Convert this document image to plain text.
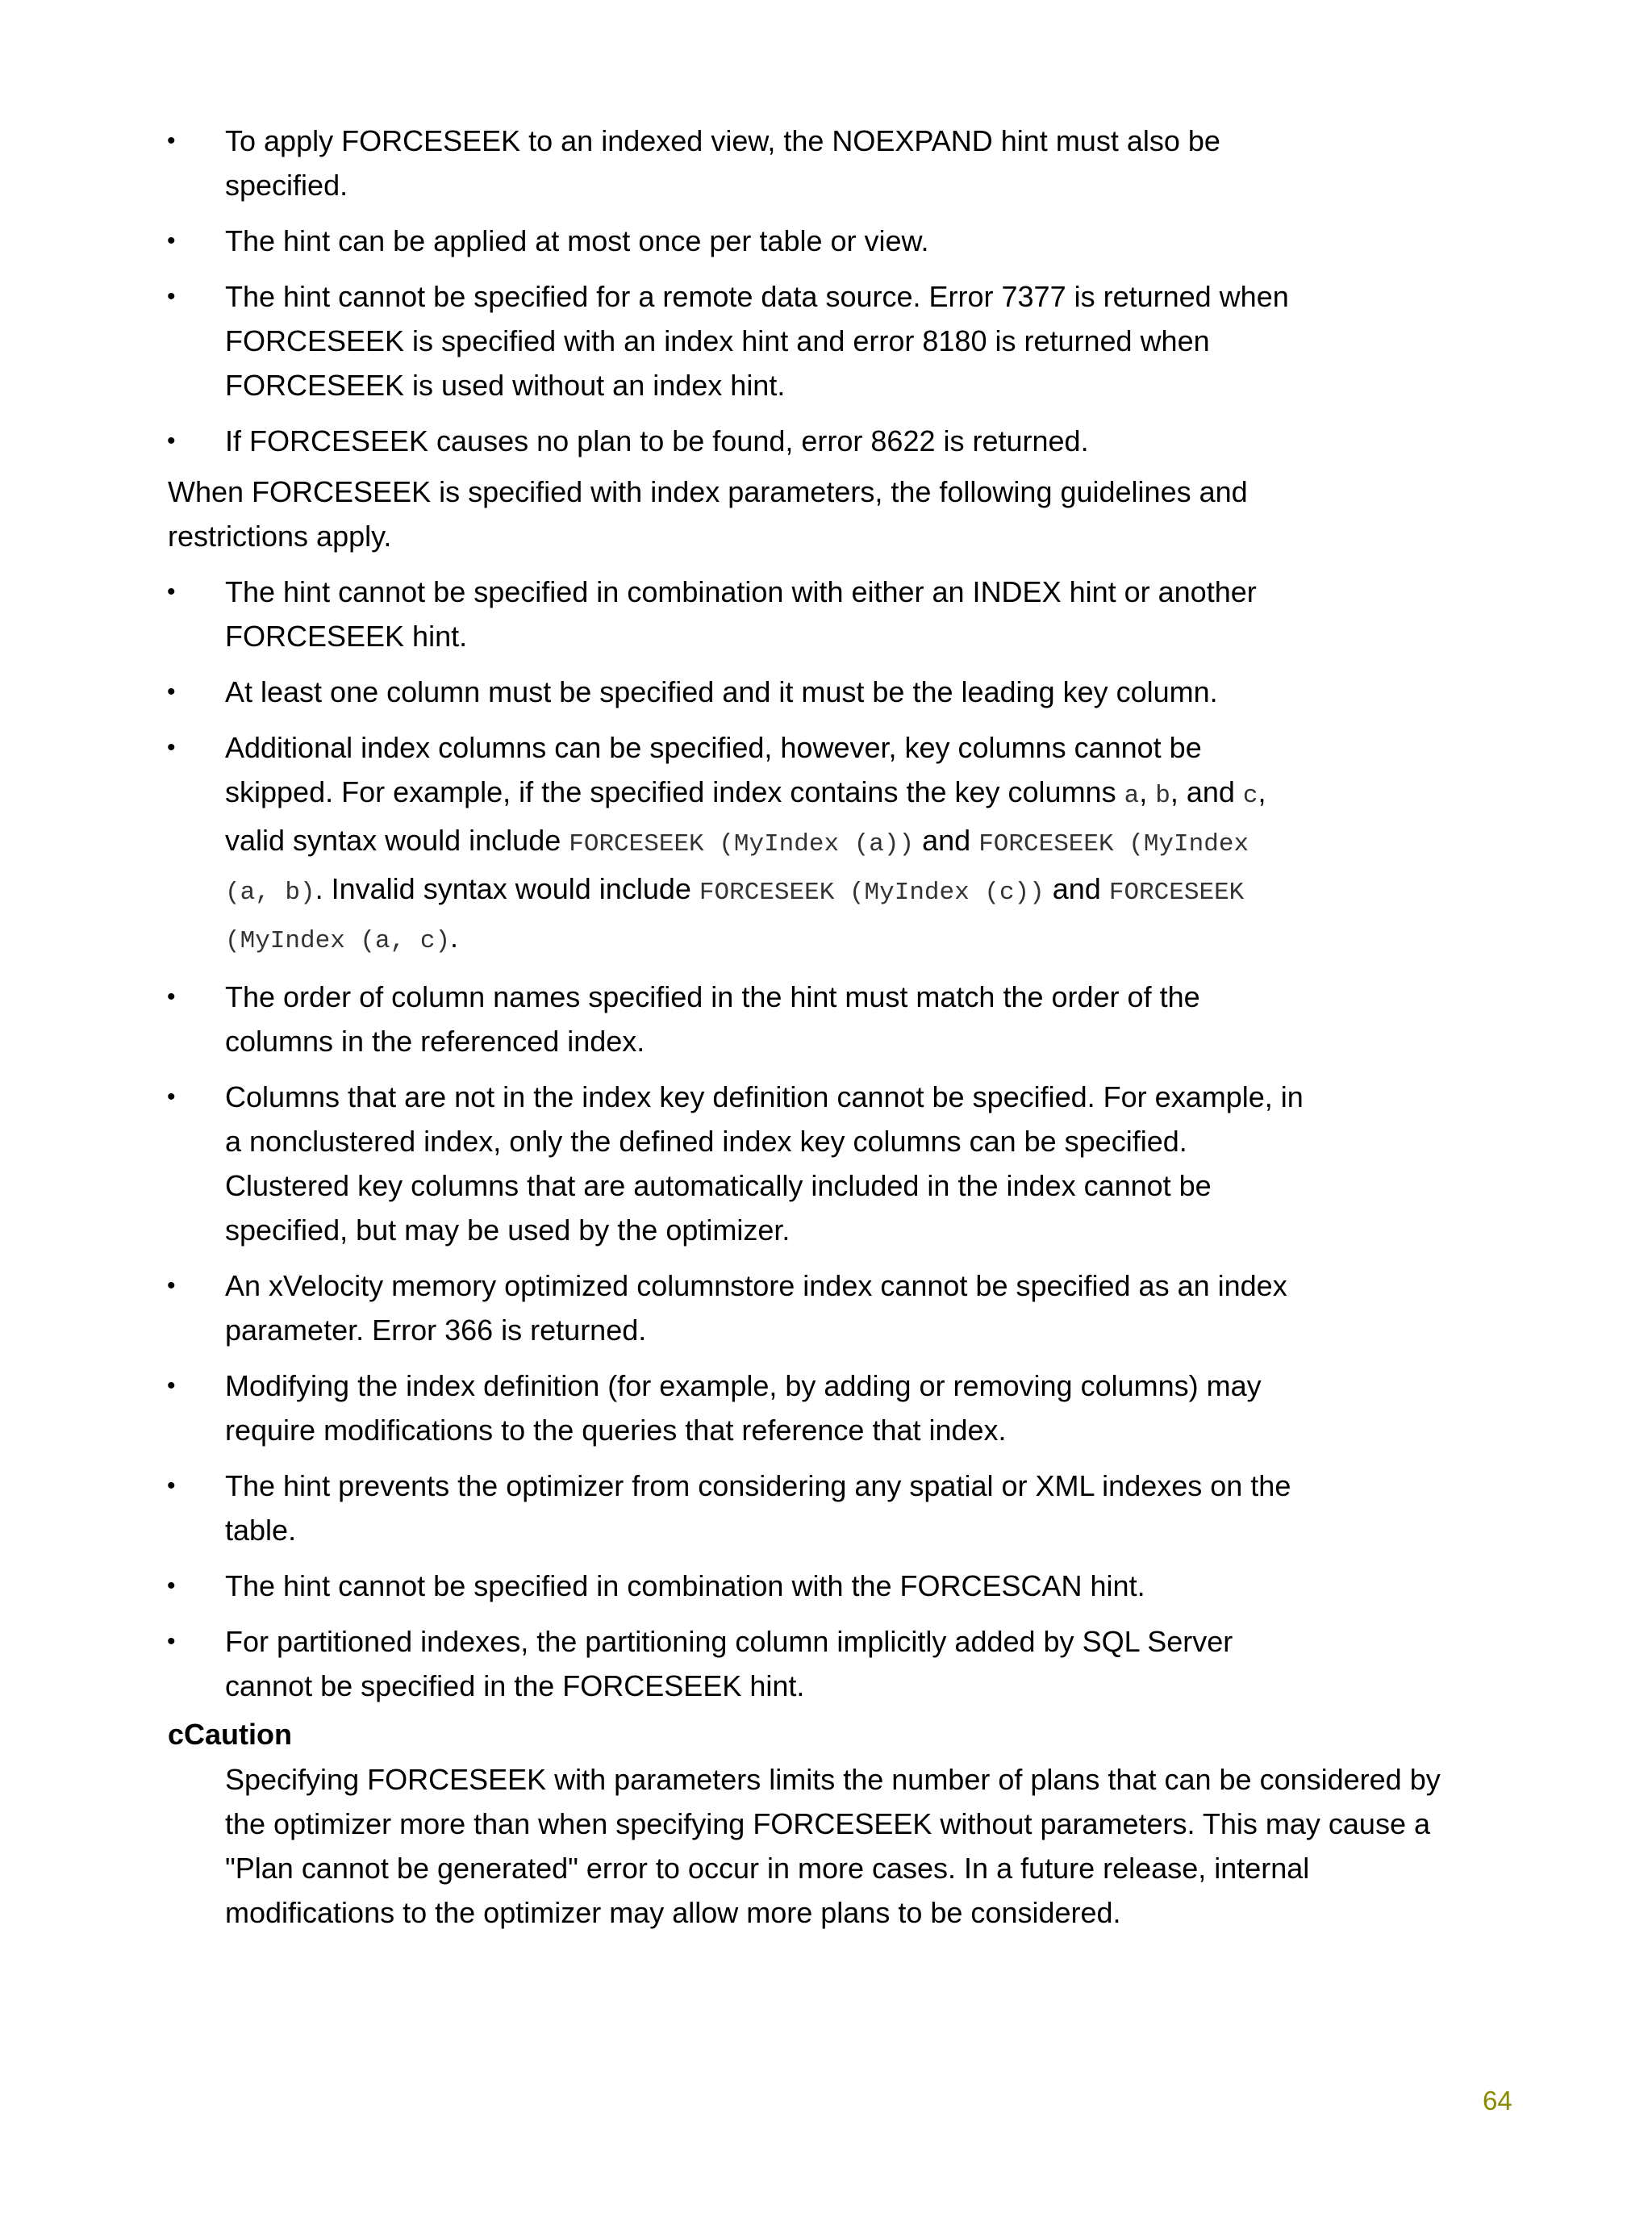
• To apply FORCESEEK to an indexed view, the NOEXPAND hint must also be specified.
• The hint can be applied at most once per table or view.
• The hint cannot be specified for a remote data source. Error 7377 is returned when FORCESEEK is specified with an index hint and error 8180 is returned when FORCESEEK is used without an index hint.
• If FORCESEEK causes no plan to be found, error 8622 is returned.

When FORCESEEK is specified with index parameters, the following guidelines and restrictions apply.

• The hint cannot be specified in combination with either an INDEX hint or another FORCESEEK hint.
• At least one column must be specified and it must be the leading key column.
• Additional index columns can be specified, however, key columns cannot be skipped. For example, if the specified index contains the key columns a, b, and c, valid syntax would include FORCESEEK (MyIndex (a)) and FORCESEEK (MyIndex (a, b). Invalid syntax would include FORCESEEK (MyIndex (c)) and FORCESEEK (MyIndex (a, c).
• The order of column names specified in the hint must match the order of the columns in the referenced index.
• Columns that are not in the index key definition cannot be specified. For example, in a nonclustered index, only the defined index key columns can be specified. Clustered key columns that are automatically included in the index cannot be specified, but may be used by the optimizer.
• An xVelocity memory optimized columnstore index cannot be specified as an index parameter. Error 366 is returned.
• Modifying the index definition (for example, by adding or removing columns) may require modifications to the queries that reference that index.
• The hint prevents the optimizer from considering any spatial or XML indexes on the table.
• The hint cannot be specified in combination with the FORCESCAN hint.
• For partitioned indexes, the partitioning column implicitly added by SQL Server cannot be specified in the FORCESEEK hint.

cCaution

Specifying FORCESEEK with parameters limits the number of plans that can be considered by the optimizer more than when specifying FORCESEEK without parameters. This may cause a "Plan cannot be generated" error to occur in more cases. In a future release, internal modifications to the optimizer may allow more plans to be considered.

64
